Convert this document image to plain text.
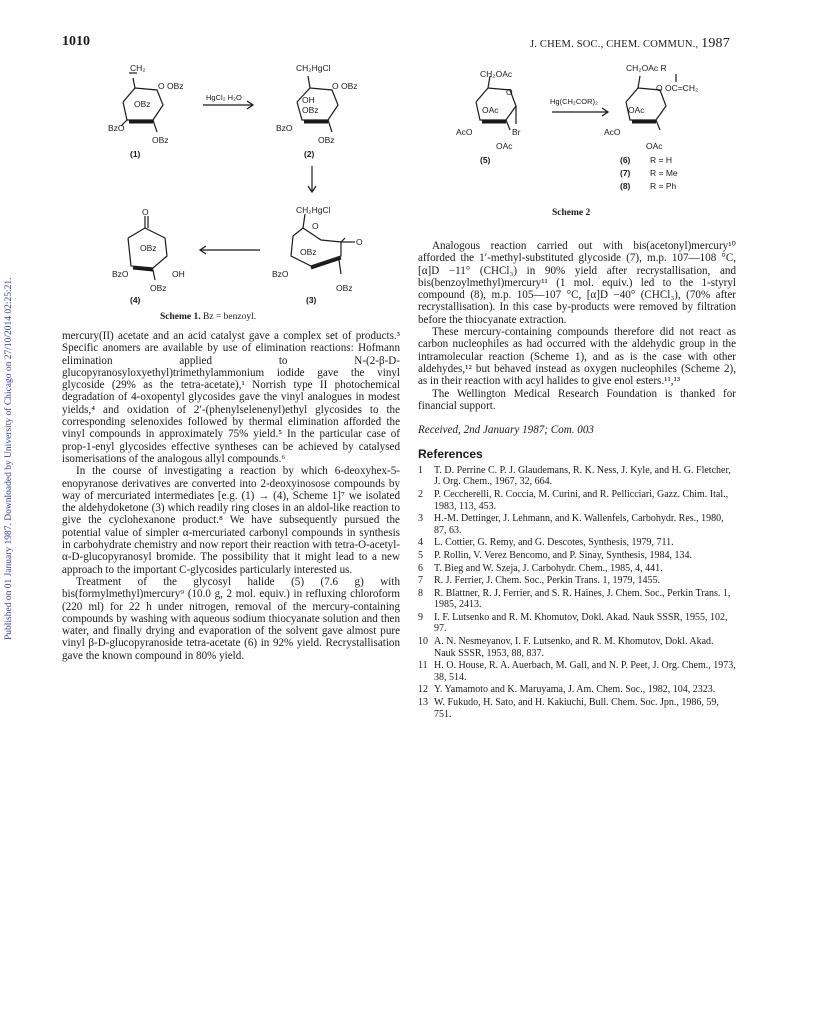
1010	J. CHEM. SOC., CHEM. COMMUN., 1987
Published on 01 January 1987. Downloaded by University of Chicago on 27/10/2014 02:25:21.
CH₂
O OBz
OBz
BzO
OBz
(1)
HgCl₂ H₂O
CH₂HgCl
O OBz
OH
OBz
BzO
OBz
(2)
O
OBz
BzO	OH
OBz
(4)
CH₂HgCl
O
OBz
O
BzO
OBz
(3)
Scheme 1. Bz = benzoyl.
CH₂OAc
O
OAc
AcO	Br
OAc
(5)
Hg(CH₂COR)₂
CH₂OAc R
O OC=CH₂
OAc
AcO
OAc
(6) R = H
(7) R = Me
(8) R = Ph
Scheme 2

mercury(II) acetate and an acid catalyst gave a complex set of products.³ Specific anomers are available by use of elimination reactions: Hofmann elimination applied to N-(2-β-D-glucopyranosyloxyethyl)trimethylammonium iodide gave the vinyl glycoside (29% as the tetra-acetate),¹ Norrish type II photochemical degradation of 4-oxopentyl glycosides gave the vinyl analogues in modest yields,⁴ and oxidation of 2′-(phenylselenenyl)ethyl glycosides to the corresponding selenoxides followed by thermal elimination afforded the vinyl compounds in approximately 75% yield.⁵ In the particular case of prop-1-enyl glycosides effective syntheses can be achieved by catalysed isomerisations of the analogous allyl compounds.⁶

In the course of investigating a reaction by which 6-deoxyhex-5-enopyranose derivatives are converted into 2-deoxyinosose compounds by way of mercuriated intermediates [e.g. (1) → (4), Scheme 1]⁷ we isolated the aldehydoketone (3) which readily ring closes in an aldol-like reaction to give the cyclohexanone product.⁸ We have subsequently pursued the potential value of simpler α-mercuriated carbonyl compounds in synthesis in carbohydrate chemistry and now report their reaction with tetra-O-acetyl-α-D-glucopyranosyl bromide. The possibility that it might lead to a new approach to the important C-glycosides particularly interested us.

Treatment of the glycosyl halide (5) (7.6 g) with bis(formylmethyl)mercury⁹ (10.0 g, 2 mol. equiv.) in refluxing chloroform (220 ml) for 22 h under nitrogen, removal of the mercury-containing compounds by washing with aqueous sodium thiocyanate solution and then water, and finally drying and evaporation of the solvent gave almost pure vinyl β-D-glucopyranoside tetra-acetate (6) in 92% yield. Recrystallisation gave the known compound in 80% yield.

Analogous reaction carried out with bis(acetonyl)mercury¹⁰ afforded the 1′-methyl-substituted glycoside (7), m.p. 107—108 °C, [α]D −11° (CHCl₃) in 90% yield after recrystallisation, and bis(benzoylmethyl)mercury¹¹ (1 mol. equiv.) led to the 1-styryl compound (8), m.p. 105—107 °C, [α]D −40° (CHCl₃), (70% after recrystallisation). In this case by-products were removed by filtration before the thiocyanate extraction.

These mercury-containing compounds therefore did not react as carbon nucleophiles as had occurred with the aldehydic group in the intramolecular reaction (Scheme 1), and as is the case with other aldehydes,¹² but behaved instead as oxygen nucleophiles (Scheme 2), as in their reaction with acyl halides to give enol esters.¹¹,¹³

The Wellington Medical Research Foundation is thanked for financial support.

Received, 2nd January 1987; Com. 003

References
1 T. D. Perrine C. P. J. Glaudemans, R. K. Ness, J. Kyle, and H. G. Fletcher, J. Org. Chem., 1967, 32, 664.
2 P. Ceccherelli, R. Coccia, M. Curini, and R. Pellicciari, Gazz. Chim. Ital., 1983, 113, 453.
3 H.-M. Dettinger, J. Lehmann, and K. Wallenfels, Carbohydr. Res., 1980, 87, 63.
4 L. Cottier, G. Remy, and G. Descotes, Synthesis, 1979, 711.
5 P. Rollin, V. Verez Bencomo, and P. Sinay, Synthesis, 1984, 134.
6 T. Bieg and W. Szeja, J. Carbohydr. Chem., 1985, 4, 441.
7 R. J. Ferrier, J. Chem. Soc., Perkin Trans. 1, 1979, 1455.
8 R. Blattner, R. J. Ferrier, and S. R. Haines, J. Chem. Soc., Perkin Trans. 1, 1985, 2413.
9 I. F. Lutsenko and R. M. Khomutov, Dokl. Akad. Nauk SSSR, 1955, 102, 97.
10 A. N. Nesmeyanov, I. F. Lutsenko, and R. M. Khomutov, Dokl. Akad. Nauk SSSR, 1953, 88, 837.
11 H. O. House, R. A. Auerbach, M. Gall, and N. P. Peet, J. Org. Chem., 1973, 38, 514.
12 Y. Yamamoto and K. Maruyama, J. Am. Chem. Soc., 1982, 104, 2323.
13 W. Fukudo, H. Sato, and H. Kakiuchi, Bull. Chem. Soc. Jpn., 1986, 59, 751.
